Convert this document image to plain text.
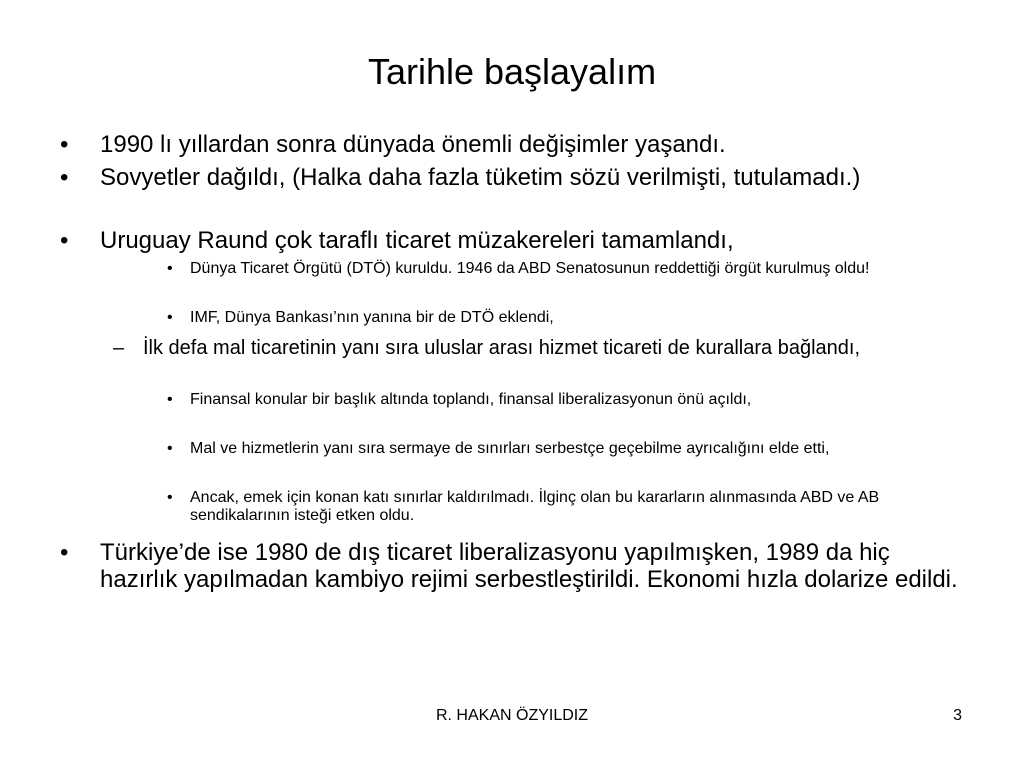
Tarihle başlayalım
• 1990 lı yıllardan sonra dünyada önemli değişimler yaşandı.
• Sovyetler dağıldı, (Halka daha fazla tüketim sözü verilmişti, tutulamadı.)
• Uruguay Raund çok taraflı ticaret müzakereleri tamamlandı,
• Dünya Ticaret Örgütü (DTÖ) kuruldu. 1946 da ABD Senatosunun reddettiği örgüt kurulmuş oldu!
• IMF, Dünya Bankası’nın yanına bir de DTÖ eklendi,
– İlk defa mal ticaretinin yanı sıra uluslar arası hizmet ticareti de kurallara bağlandı,
• Finansal konular bir başlık altında toplandı, finansal liberalizasyonun önü açıldı,
• Mal ve hizmetlerin yanı sıra sermaye de sınırları serbestçe geçebilme ayrıcalığını elde etti,
• Ancak, emek için konan katı sınırlar kaldırılmadı. İlginç olan bu kararların alınmasında ABD ve AB sendikalarının isteği etken oldu.
• Türkiye’de ise 1980 de dış ticaret liberalizasyonu yapılmışken, 1989 da hiç hazırlık yapılmadan kambiyo rejimi serbestleştirildi. Ekonomi hızla dolarize edildi.
R. HAKAN ÖZYILDIZ	3
